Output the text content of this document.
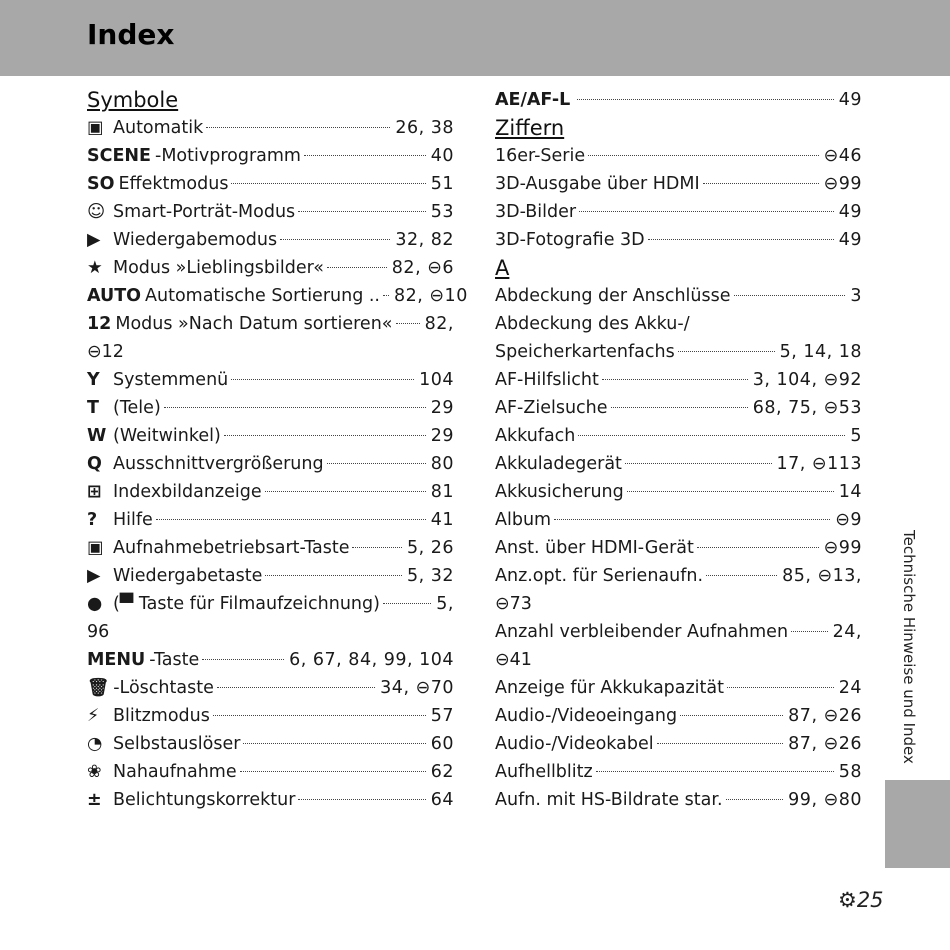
Index
Symbole
▣ Automatik	26, 38
SCENE -Motivprogramm	40
SO Effektmodus	51
☺ Smart-Porträt-Modus	53
▶ Wiedergabemodus	32, 82
★ Modus »Lieblingsbilder«	82, ⊖6
AUTO Automatische Sortierung .. 82, ⊖10
12 Modus »Nach Datum sortieren« 82,
⊖12
Y Systemmenü	104
T (Tele)	29
W (Weitwinkel)	29
Q Ausschnittvergrößerung	80
⊞ Indexbildanzeige	81
? Hilfe	41
▣ Aufnahmebetriebsart-Taste	5, 26
▶ Wiedergabetaste	5, 32
● (▀ Taste für Filmaufzeichnung)	5,
96
MENU -Taste	6, 67, 84, 99, 104
🗑 -Löschtaste	34, ⊖70
⚡ Blitzmodus	57
◔ Selbstauslöser	60
❀ Nahaufnahme	62
± Belichtungskorrektur	64
AE/AF-L	49
Ziffern
16er-Serie	⊖46
3D-Ausgabe über HDMI	⊖99
3D-Bilder	49
3D-Fotografie 3D	49
A
Abdeckung der Anschlüsse	3
Abdeckung des Akku-/
Speicherkartenfachs	5, 14, 18
AF-Hilfslicht	3, 104, ⊖92
AF-Zielsuche	68, 75, ⊖53
Akkufach	5
Akkuladegerät	17, ⊖113
Akkusicherung	14
Album	⊖9
Anst. über HDMI-Gerät	⊖99
Anz.opt. für Serienaufn.	85, ⊖13,
⊖73
Anzahl verbleibender Aufnahmen	24,
⊖41
Anzeige für Akkukapazität	24
Audio-/Videoeingang	87, ⊖26
Audio-/Videokabel	87, ⊖26
Aufhellblitz	58
Aufn. mit HS-Bildrate star.	99, ⊖80
Technische Hinweise und Index
⚙25
